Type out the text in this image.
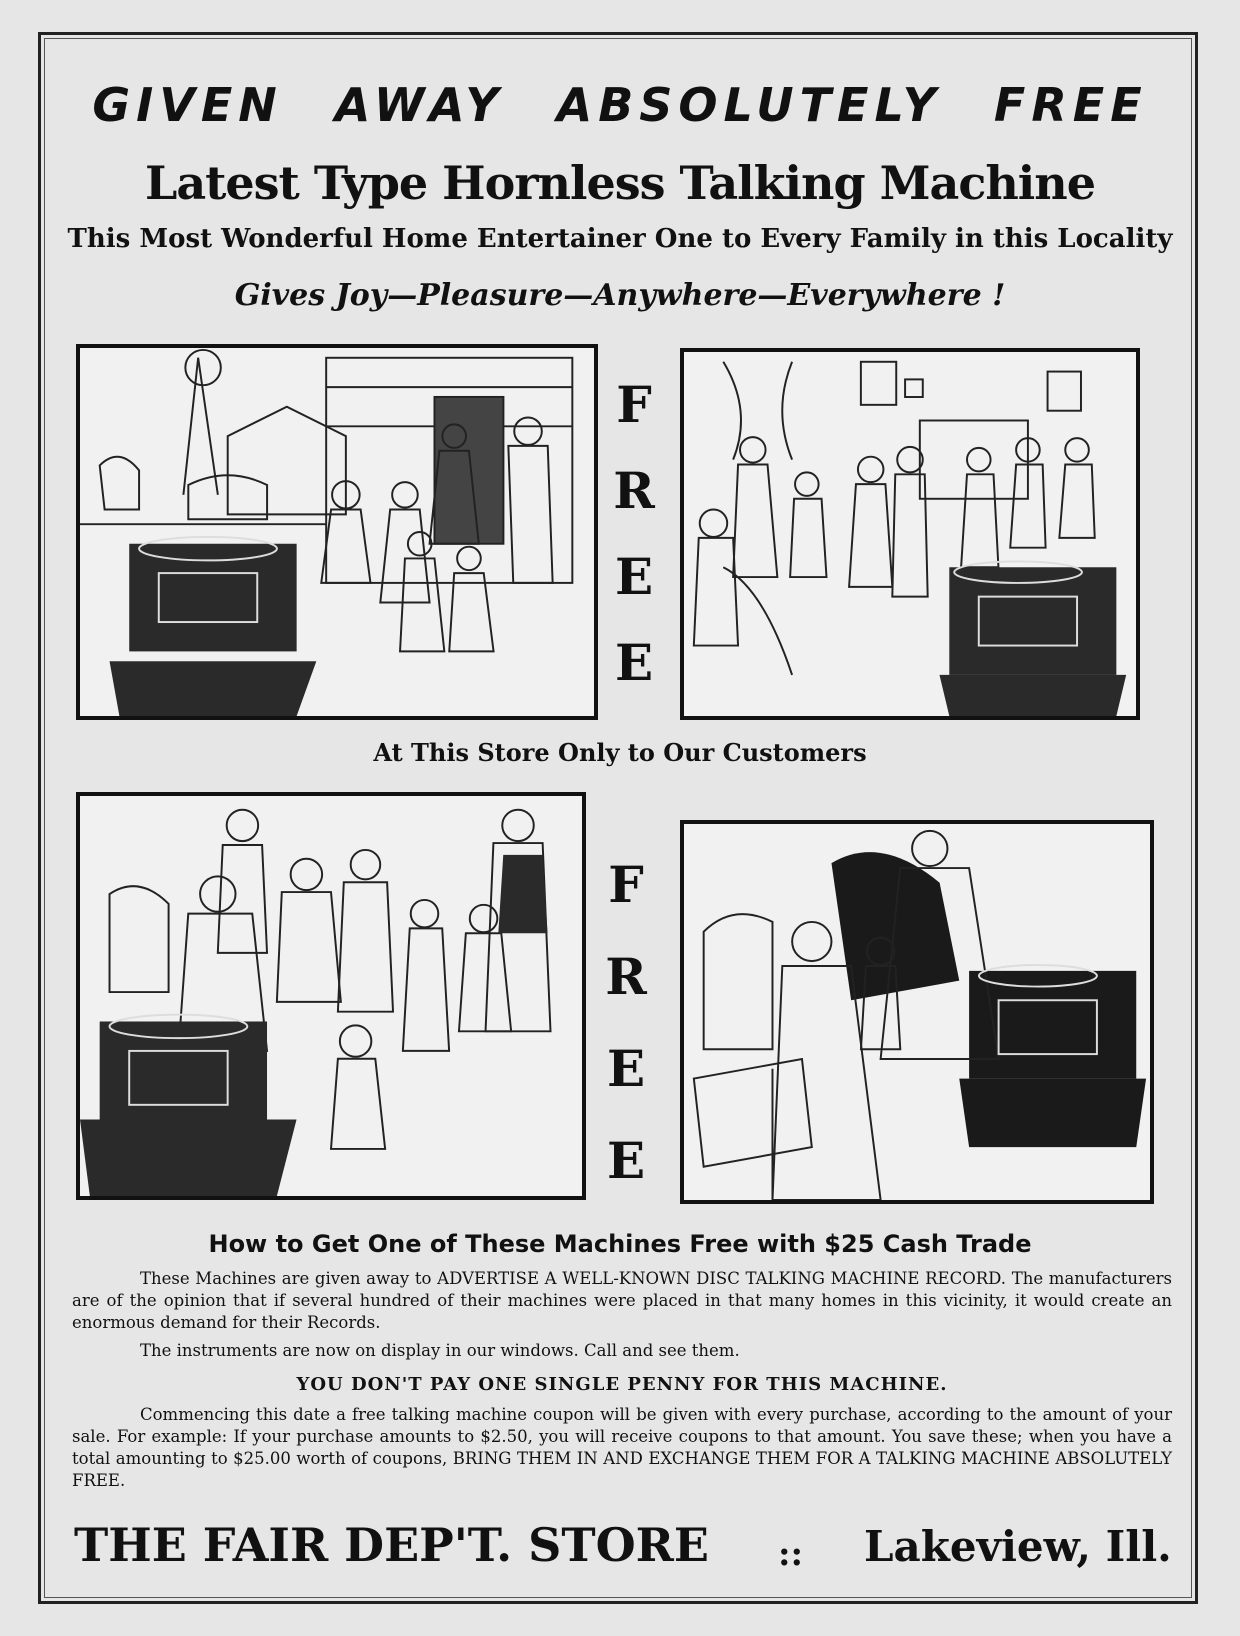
GIVEN AWAY ABSOLUTELY FREE
Latest Type Hornless Talking Machine
This Most Wonderful Home Entertainer One to Every Family in this Locality
Gives Joy—Pleasure—Anywhere—Everywhere !
F
R
E
E
At This Store Only to Our Customers
F
R
E
E
How to Get One of These Machines Free with $25 Cash Trade
These Machines are given away to ADVERTISE A WELL-KNOWN DISC TALKING MACHINE RECORD. The manufacturers are of the opinion that if several hundred of their machines were placed in that many homes in this vicinity, it would create an enormous demand for their Records.
The instruments are now on display in our windows. Call and see them.
YOU DON'T PAY ONE SINGLE PENNY FOR THIS MACHINE.
Commencing this date a free talking machine coupon will be given with every purchase, according to the amount of your sale. For example: If your purchase amounts to $2.50, you will receive coupons to that amount. You save these; when you have a total amounting to $25.00 worth of coupons, BRING THEM IN AND EXCHANGE THEM FOR A TALKING MACHINE ABSOLUTELY FREE.
THE FAIR DEP'T. STORE :: Lakeview, Ill.
